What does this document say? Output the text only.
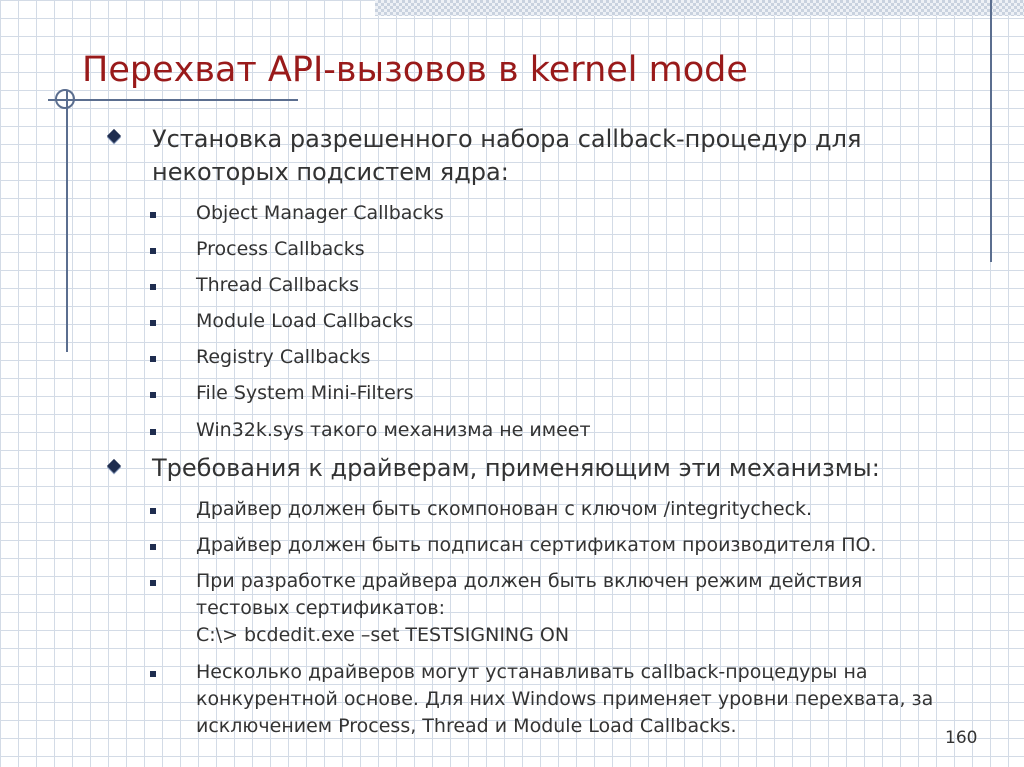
Перехват API-вызовов в kernel mode
Установка разрешенного набора callback-процедур для
некоторых подсистем ядра:
Object Manager Callbacks
Process Callbacks
Thread Callbacks
Module Load Callbacks
Registry Callbacks
File System Mini-Filters
Win32k.sys такого механизма не имеет
Требования к драйверам, применяющим эти механизмы:
Драйвер должен быть скомпонован с ключом /integritycheck.
Драйвер должен быть подписан сертификатом производителя ПО.
При разработке драйвера должен быть включен режим действия
тестовых сертификатов:
C:\> bcdedit.exe –set TESTSIGNING ON
Несколько драйверов могут устанавливать callback-процедуры на
конкурентной основе. Для них Windows применяет уровни перехвата, за
исключением Process, Thread и Module Load Callbacks.
160
